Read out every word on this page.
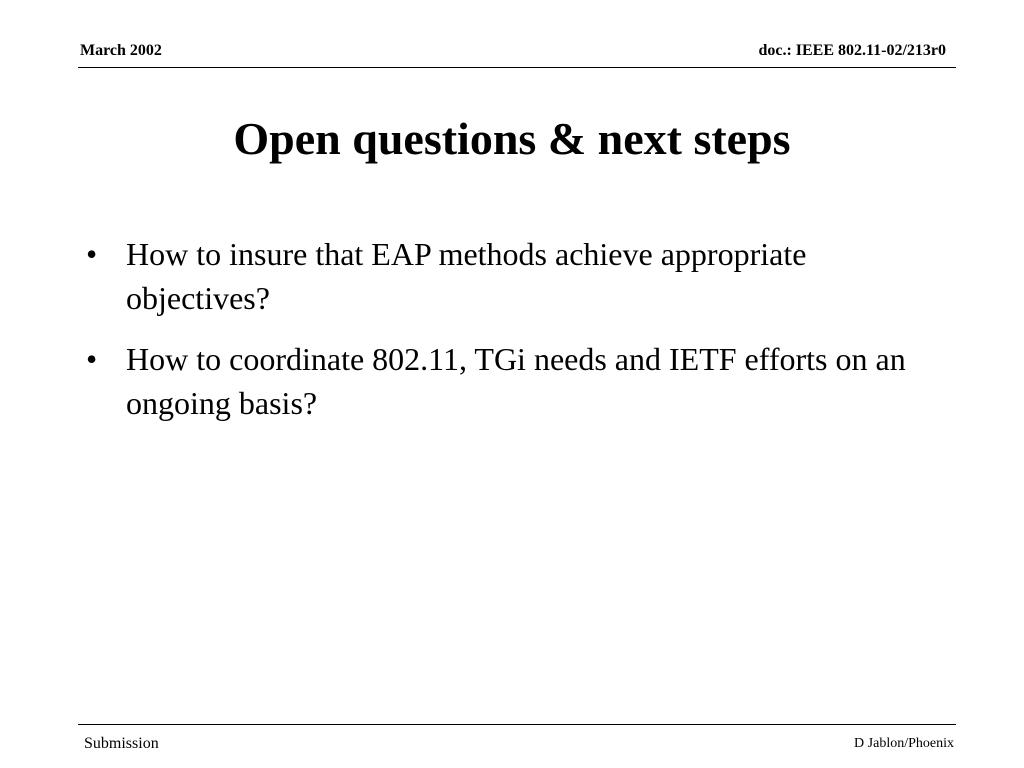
March 2002	doc.: IEEE 802.11-02/213r0
Open questions & next steps
• How to insure that EAP methods achieve appropriate objectives?
• How to coordinate 802.11, TGi needs and IETF efforts on an ongoing basis?
Submission	D Jablon/Phoenix
